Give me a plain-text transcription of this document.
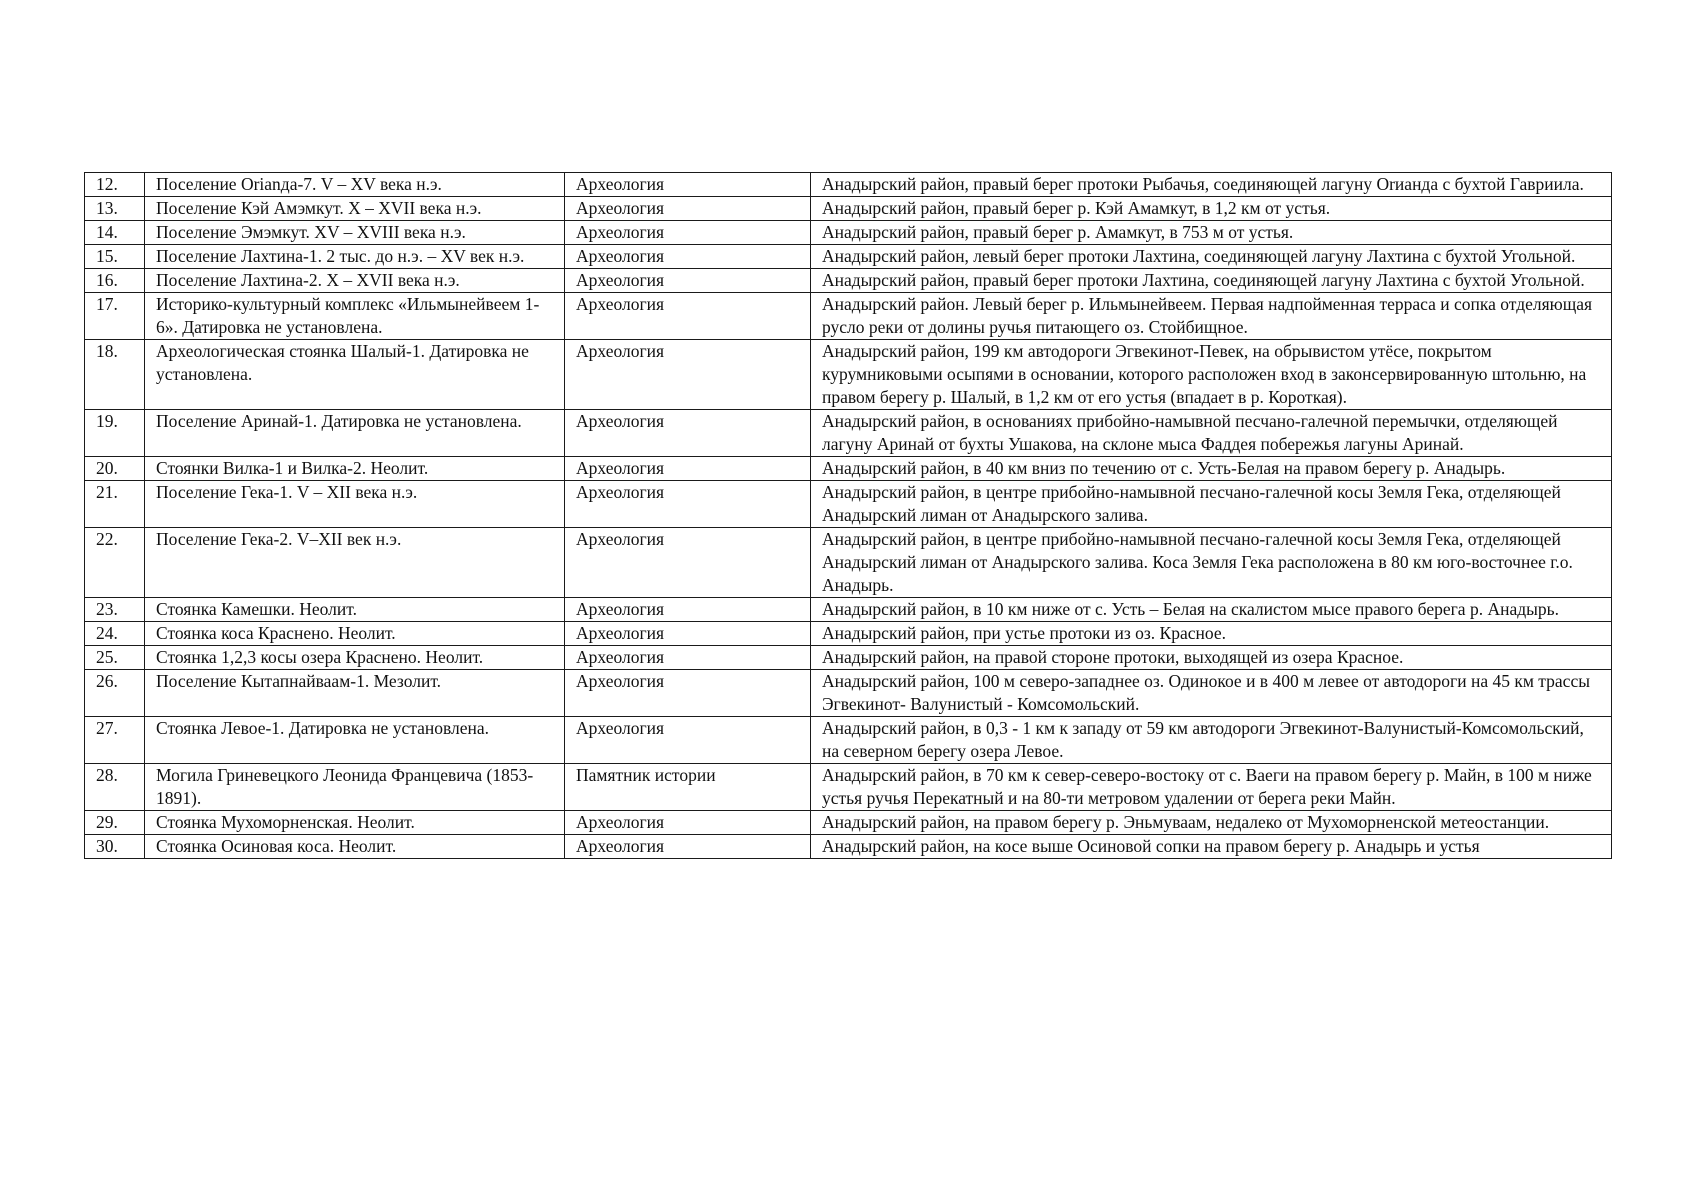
12.	Поселение Orianда-7. V – XV века н.э.	Археология	Анадырский район, правый берег протоки Рыбачья, соединяющей лагуну Orианда с бухтой Гавриила.
13.	Поселение Кэй Амэмкут. X – XVII века н.э.	Археология	Анадырский район, правый берег р. Кэй Амамкут, в 1,2 км от устья.
14.	Поселение Эмэмкут. XV – XVIII века н.э.	Археология	Анадырский район, правый берег р. Амамкут, в 753 м от устья.
15.	Поселение Лахтина-1. 2 тыс. до н.э. – XV век н.э.	Археология	Анадырский район, левый берег протоки Лахтина, соединяющей лагуну Лахтина с бухтой Угольной.
16.	Поселение Лахтина-2. X – XVII века н.э.	Археология	Анадырский район, правый берег протоки Лахтина, соединяющей лагуну Лахтина с бухтой Угольной.
17.	Историко-культурный комплекс «Ильмынейвеем 1-6». Датировка не установлена.	Археология	Анадырский район. Левый берег р. Ильмынейвеем. Первая надпойменная терраса и сопка отделяющая русло реки от долины ручья питающего оз. Стойбищное.
18.	Археологическая стоянка Шалый-1. Датировка не установлена.	Археология	Анадырский район, 199 км автодороги Эгвекинот-Певек, на обрывистом утёсе, покрытом курумниковыми осыпями в основании, которого расположен вход в законсервированную штольню, на правом берегу р. Шалый, в 1,2 км от его устья (впадает в р. Короткая).
19.	Поселение Аринай-1. Датировка не установлена.	Археология	Анадырский район, в основаниях прибойно-намывной песчано-галечной перемычки, отделяющей лагуну Аринай от бухты Ушакова, на склоне мыса Фаддея побережья лагуны Аринай.
20.	Стоянки Вилка-1 и Вилка-2. Неолит.	Археология	Анадырский район, в 40 км вниз по течению от с. Усть-Белая на правом берегу р. Анадырь.
21.	Поселение Гека-1. V – XII века н.э.	Археология	Анадырский район, в центре прибойно-намывной песчано-галечной косы Земля Гека, отделяющей Анадырский лиман от Анадырского залива.
22.	Поселение Гека-2. V–XII век н.э.	Археология	Анадырский район, в центре прибойно-намывной песчано-галечной косы Земля Гека, отделяющей Анадырский лиман от Анадырского залива. Коса Земля Гека расположена в 80 км юго-восточнее г.о. Анадырь.
23.	Стоянка Камешки. Неолит.	Археология	Анадырский район, в 10 км ниже от с. Усть – Белая на скалистом мысе правого берега р. Анадырь.
24.	Стоянка коса Краснено. Неолит.	Археология	Анадырский район, при устье протоки из оз. Красное.
25.	Стоянка 1,2,3 косы озера Краснено. Неолит.	Археология	Анадырский район, на правой стороне протоки, выходящей из озера Красное.
26.	Поселение Кытапнайваам-1. Мезолит.	Археология	Анадырский район, 100 м северо-западнее оз. Одинокое и в 400 м левее от автодороги на 45 км трассы Эгвекинот- Валунистый - Комсомольский.
27.	Стоянка Левое-1. Датировка не установлена.	Археология	Анадырский район, в 0,3 - 1 км к западу от 59 км автодороги Эгвекинот-Валунистый-Комсомольский, на северном берегу озера Левое.
28.	Могила Гриневецкого Леонида Францевича (1853-1891).	Памятник истории	Анадырский район, в 70 км к север-северо-востоку от с. Ваеги на правом берегу р. Майн, в 100 м ниже устья ручья Перекатный и на 80-ти метровом удалении от берега реки Майн.
29.	Стоянка Мухоморненская. Неолит.	Археология	Анадырский район, на правом берегу р. Эньмуваам, недалеко от Мухоморненской метеостанции.
30.	Стоянка Осиновая коса. Неолит.	Археология	Анадырский район, на косе выше Осиновой сопки на правом берегу р. Анадырь и устья
